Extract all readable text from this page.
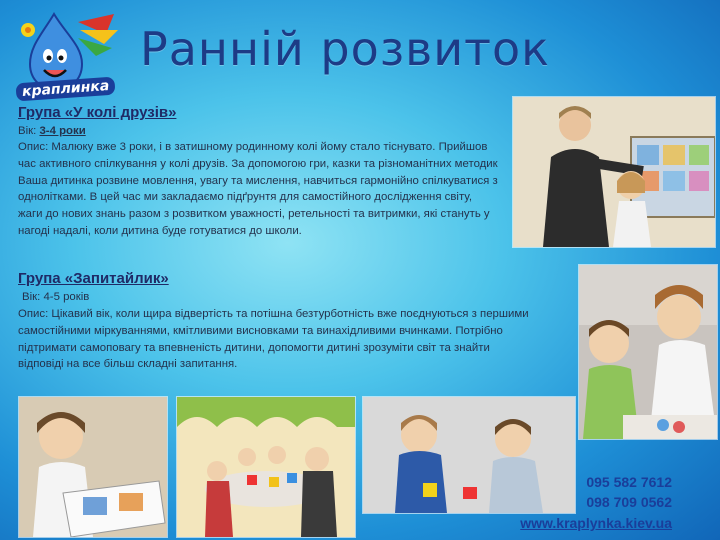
краплинка
Ранній розвиток
Група «У колі друзів»
Вік: 3-4 роки
Опис: Малюку вже 3 роки, і в затишному родинному колі йому стало тіснувато. Прийшов час активного спілкування у колі друзів. За допомогою гри, казки та різноманітних методик Ваша дитинка розвине мовлення, увагу та мислення, навчиться гармонійно спілкуватися з однолітками. В цей час ми закладаємо підґрунтя для самостійного дослідження світу, жаги до нових знань разом з розвитком уважності, ретельності та витримки, які стануть у нагоді надалі, коли дитина буде готуватися до школи.
Група «Запитайлик»
Вік: 4-5 років
Опис: Цікавий вік, коли щира відвертість та потішна безтурботність вже поєднуються з першими самостійними міркуваннями, кмітливими висновками та винахідливими вчинками. Потрібно підтримати самоповагу та впевненість дитини, допомогти дитині зрозуміти світ та знайти відповіді на все більш складні запитання.
095 582 7612
098 709 0562
www.kraplynka.kiev.ua
